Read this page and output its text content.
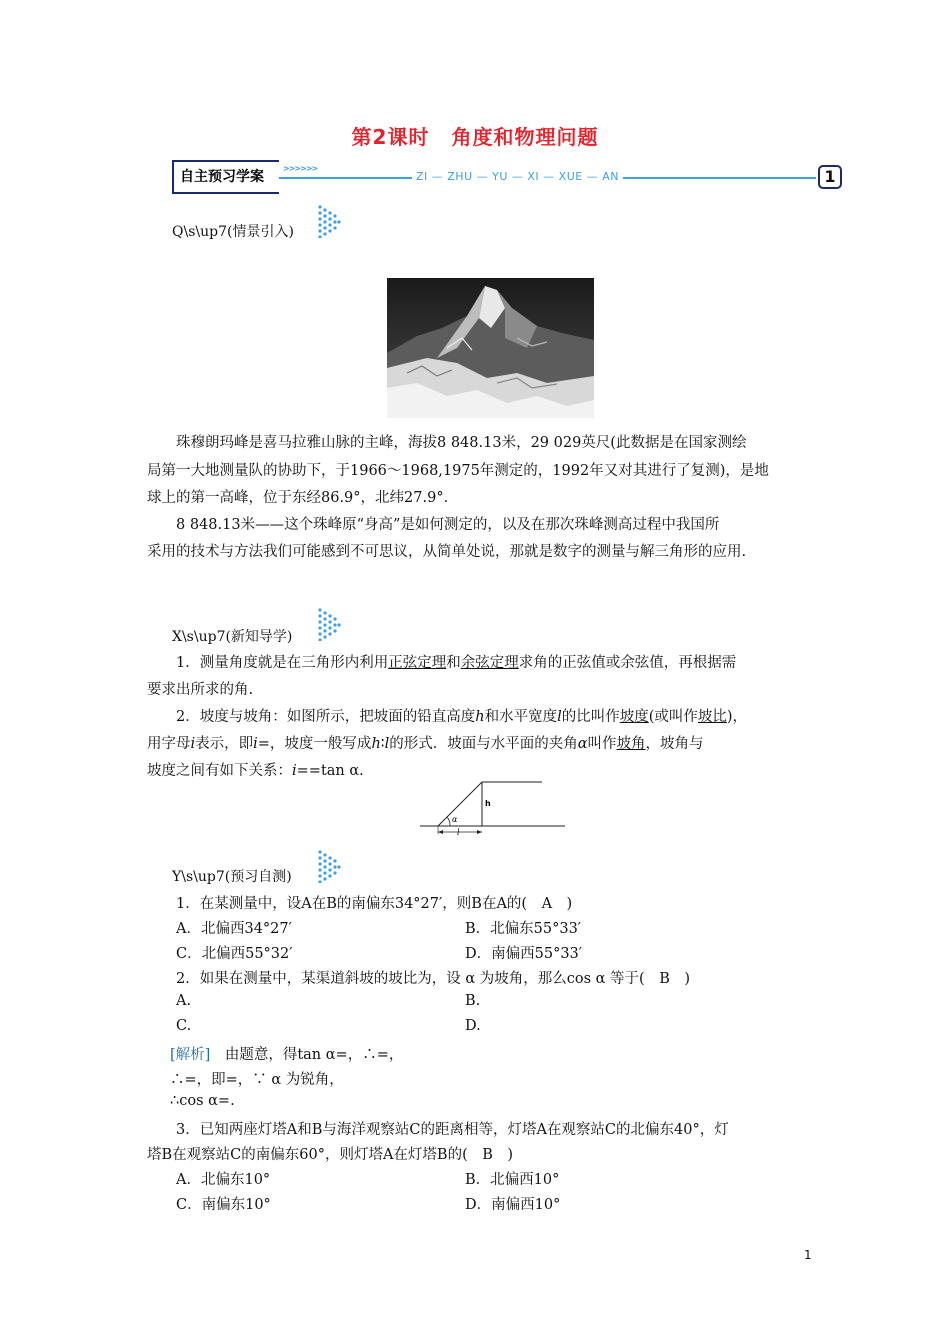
第2课时 角度和物理问题
自主预习学案
>>>>>>
ZI — ZHU — YU — XI — XUE — AN	1
Q\s\up7(情景引入)
珠穆朗玛峰是喜马拉雅山脉的主峰，海拔8 848.13米，29 029英尺(此数据是在国家测绘
局第一大地测量队的协助下，于1966～1968,1975年测定的，1992年又对其进行了复测)，是地
球上的第一高峰，位于东经86.9°，北纬27.9°.
8 848.13米——这个珠峰原“身高”是如何测定的，以及在那次珠峰测高过程中我国所
采用的技术与方法我们可能感到不可思议，从简单处说，那就是数字的测量与解三角形的应用.
X\s\up7(新知导学)
1．测量角度就是在三角形内利用正弦定理和余弦定理求角的正弦值或余弦值，再根据需
要求出所求的角.
2．坡度与坡角：如图所示，把坡面的铅直高度h和水平宽度l的比叫作坡度(或叫作坡比)，
用字母i表示，即i=，坡度一般写成h∶l的形式．坡面与水平面的夹角α叫作坡角，坡角与
坡度之间有如下关系：i==tan α.
α
h
l
Y\s\up7(预习自测)
1．在某测量中，设A在B的南偏东34°27′，则B在A的(　A　)
A．北偏西34°27′	B．北偏东55°33′
C．北偏西55°32′	D．南偏西55°33′
2．如果在测量中，某渠道斜坡的坡比为，设 α 为坡角，那么cos α 等于(　B　)
A.	B.
C.	D.
[解析]　由题意，得tan α=，∴=，
∴=，即=，∵ α 为锐角，
∴cos α=.
3．已知两座灯塔A和B与海洋观察站C的距离相等，灯塔A在观察站C的北偏东40°，灯
塔B在观察站C的南偏东60°，则灯塔A在灯塔B的(　B　)
A．北偏东10°	B．北偏西10°
C．南偏东10°	D．南偏西10°
1
